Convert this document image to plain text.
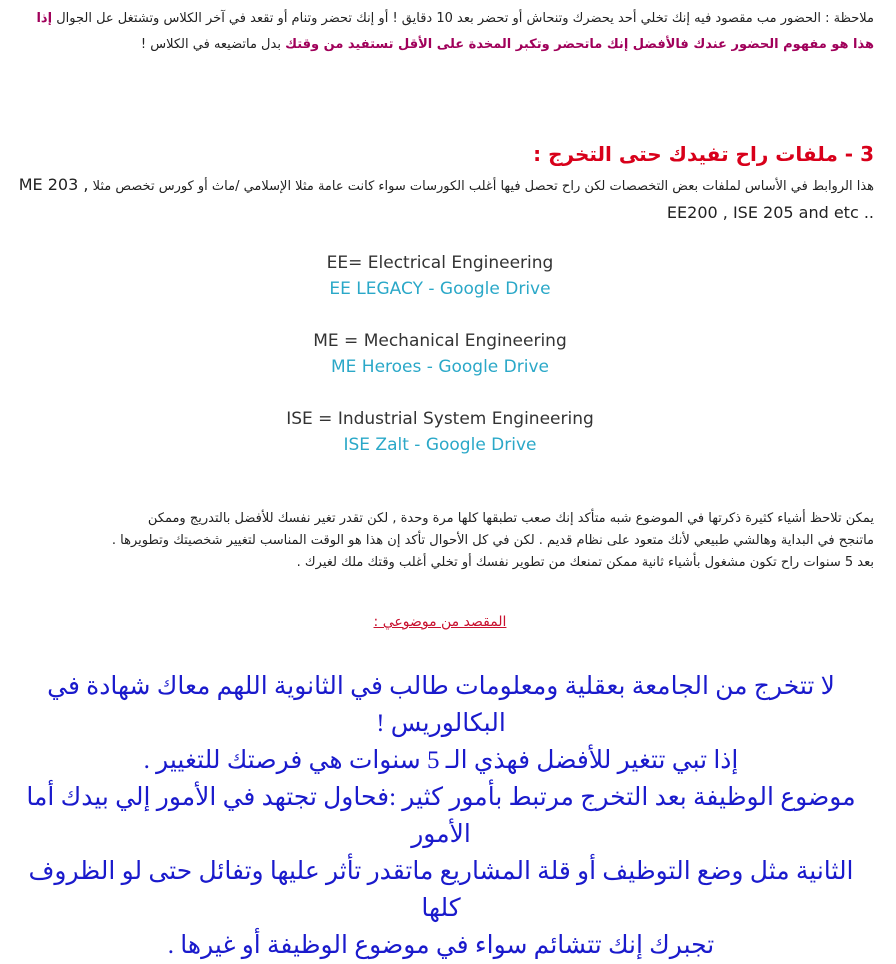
ملاحظة : الحضور مب مقصود فيه إنك تخلي أحد يحضرك وتنحاش أو تحضر بعد 10 دقايق ! أو إنك تحضر وتنام أو تقعد في آخر الكلاس وتشتغل عل الجوال إذا هذا هو مفهوم الحضور عندك فالأفضل إنك ماتحضر وتكبر المخدة على الأقل تستفيد من وقتك بدل ماتضيعه في الكلاس !
3 - ملفات راح تفيدك حتى التخرج :
هذا الروابط في الأساس لملفات بعض التخصصات لكن راح تحصل فيها أغلب الكورسات سواء كانت عامة مثلا الإسلامي /ماث أو كورس تخصص مثلا ME 203 , EE200 , ISE 205 and etc ..
EE= Electrical Engineering
EE LEGACY - Google Drive
ME = Mechanical Engineering
ME Heroes - Google Drive
ISE = Industrial System Engineering
ISE Zalt - Google Drive
يمكن تلاحظ أشياء كثيرة ذكرتها في الموضوع شبه متأكد إنك صعب تطبقها كلها مرة وحدة , لكن تقدر تغير نفسك للأفضل بالتدريج وممكن
ماتنجح في البداية وهالشي طبيعي لأنك متعود على نظام قديم . لكن في كل الأحوال تأكد إن هذا هو الوقت المناسب لتغيير شخصيتك وتطويرها .
بعد 5 سنوات راح تكون مشغول بأشياء ثانية ممكن تمنعك من تطوير نفسك أو تخلي أغلب وقتك ملك لغيرك .
المقصد من موضوعي :
لا تتخرج من الجامعة بعقلية ومعلومات طالب في الثانوية اللهم معاك شهادة في البكالوريس !
إذا تبي تتغير للأفضل فهذي الـ 5 سنوات هي فرصتك للتغيير .
موضوع الوظيفة بعد التخرج مرتبط بأمور كثير :فحاول تجتهد في الأمور إلي بيدك أما الأمور
الثانية مثل وضع التوظيف أو قلة المشاريع ماتقدر تأثر عليها وتفائل حتى لو الظروف كلها
تجبرك إنك تتشائم سواء في موضوع الوظيفة أو غيرها .
